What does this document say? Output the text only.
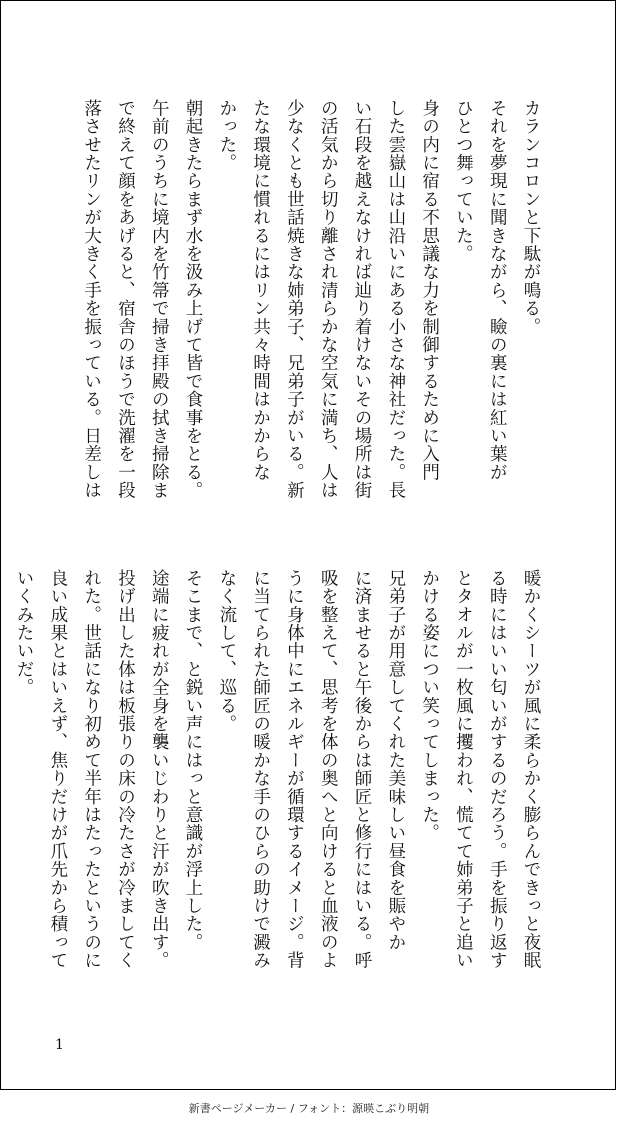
カランコロンと下駄が鳴る。
それを夢現に聞きながら、瞼の裏には紅い葉が
ひとつ舞っていた。
身の内に宿る不思議な力を制御するために入門
した雲嶽山は山沿いにある小さな神社だった。長
い石段を越えなければ辿り着けないその場所は街
の活気から切り離され清らかな空気に満ち、人は
少なくとも世話焼きな姉弟子、兄弟子がいる。新
たな環境に慣れるにはリン共々時間はかからな
かった。
朝起きたらまず水を汲み上げて皆で食事をとる。
午前のうちに境内を竹箒で掃き拝殿の拭き掃除ま
で終えて顔をあげると、宿舎のほうで洗濯を一段
落させたリンが大きく手を振っている。日差しは
暖かくシーツが風に柔らかく膨らんできっと夜眠
る時にはいい匂いがするのだろう。手を振り返す
とタオルが一枚風に攫われ、慌てて姉弟子と追い
かける姿につい笑ってしまった。
兄弟子が用意してくれた美味しい昼食を賑やか
に済ませると午後からは師匠と修行にはいる。呼
吸を整えて、思考を体の奥へと向けると血液のよ
うに身体中にエネルギーが循環するイメージ。背
に当てられた師匠の暖かな手のひらの助けで澱み
なく流して、巡る。
そこまで、と鋭い声にはっと意識が浮上した。
途端に疲れが全身を襲いじわりと汗が吹き出す。
投げ出した体は板張りの床の冷たさが冷ましてく
れた。世話になり初めて半年はたったというのに
良い成果とはいえず、焦りだけが爪先から積って
いくみたいだ。
1
新書ページメーカー / フォント：源暎こぶり明朝
